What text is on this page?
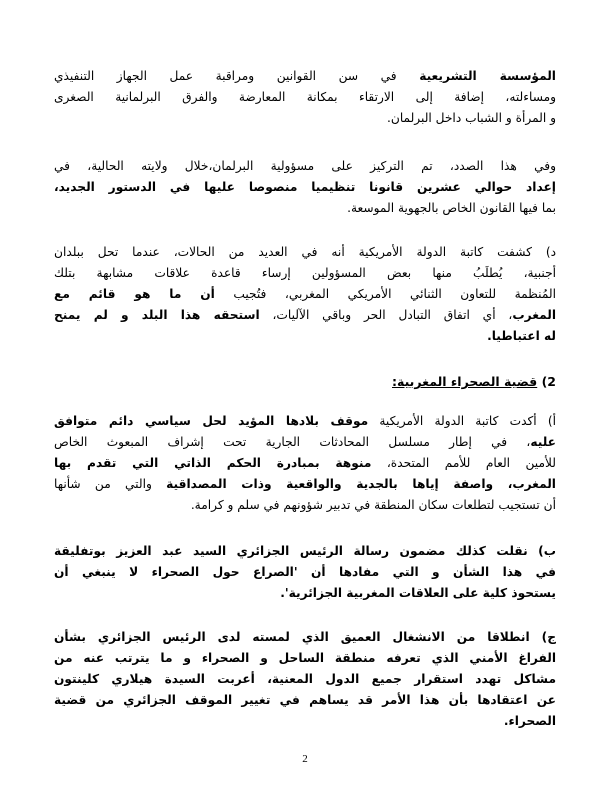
المؤسسة التشريعية في سن القوانين ومراقبة عمل الجهاز التنفيذي
ومساءلته، إضافة إلى الارتقاء بمكانة المعارضة والفرق البرلمانية الصغرى
و المرأة و الشباب داخل البرلمان.
وفي هذا الصدد، تم التركيز على مسؤولية البرلمان،خلال ولايته الحالية، في
إعداد حوالي عشرين قانونا تنظيميا منصوصا عليها في الدستور الجديد،
بما فيها القانون الخاص بالجهوية الموسعة.
د) كشفت كاتبة الدولة الأمريكية أنه في العديد من الحالات، عندما تحل ببلدان
أجنبية، يُطلَبُ منها بعض المسؤولين إرساء قاعدة علاقات مشابهة بتلك
المُنظمة للتعاون الثنائي الأمريكي المغربي، فتُجيب أن ما هو قائم مع
المغرب، أي اتفاق التبادل الحر وباقي الآليات، استحقه هذا البلد و لم يمنح
له اعتباطيا.
2) قضية الصحراء المغربية:
أ) أكدت كاتبة الدولة الأمريكية موقف بلادها المؤيد لحل سياسي دائم متوافق
عليه، في إطار مسلسل المحادثات الجارية تحت إشراف المبعوث الخاص
للأمين العام للأمم المتحدة، منوهة بمبادرة الحكم الذاتي التي تقدم بها
المغرب، واصفة إياها بالجدية والواقعية وذات المصداقية والتي من شأنها
أن تستجيب لتطلعات سكان المنطقة في تدبير شؤونهم في سلم و كرامة.
ب) نقلت كذلك مضمون رسالة الرئيس الجزائري السيد عبد العزيز بوتفليقة
في هذا الشأن و التي مفادها أن 'الصراع حول الصحراء لا ينبغي أن
يستحوذ كلية على العلاقات المغربية الجزائرية'.
ج) انطلاقا من الانشغال العميق الذي لمسته لدى الرئيس الجزائري بشأن
الفراغ الأمني الذي تعرفه منطقة الساحل و الصحراء و ما يترتب عنه من
مشاكل تهدد استقرار جميع الدول المعنية، أعربت السيدة هيلاري كلينتون
عن اعتقادها بأن هذا الأمر قد يساهم في تغيير الموقف الجزائري من قضية
الصحراء.
2
